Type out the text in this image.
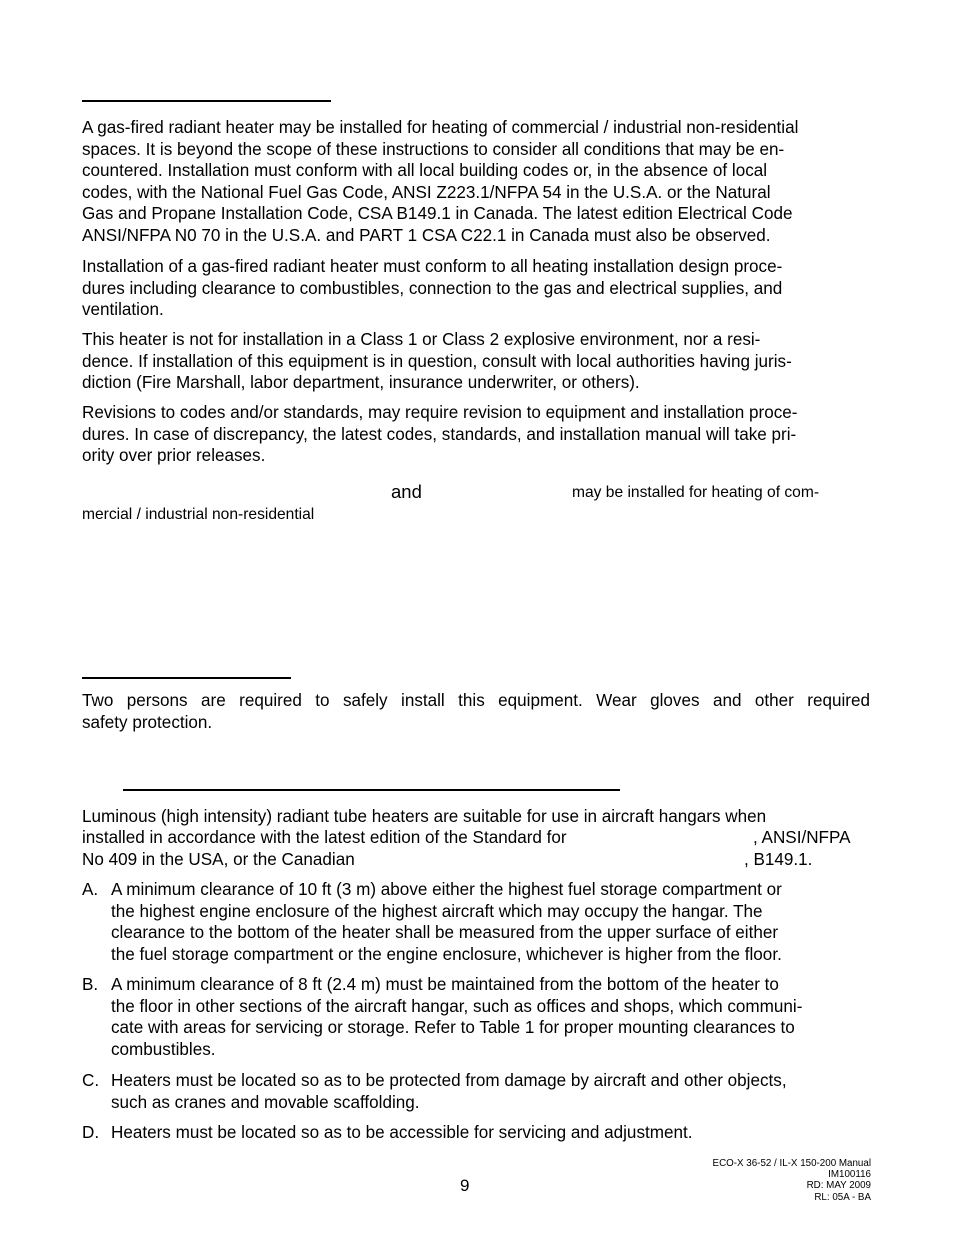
A gas-fired radiant heater may be installed for heating of commercial / industrial non-residential
spaces. It is beyond the scope of these instructions to consider all conditions that may be en-
countered. Installation must conform with all local building codes or, in the absence of local
codes, with the National Fuel Gas Code, ANSI Z223.1/NFPA 54 in the U.S.A. or the Natural
Gas and Propane Installation Code, CSA B149.1 in Canada. The latest edition Electrical Code
ANSI/NFPA N0 70 in the U.S.A. and PART 1 CSA C22.1 in Canada must also be observed.
Installation of a gas-fired radiant heater must conform to all heating installation design proce-
dures including clearance to combustibles, connection to the gas and electrical supplies, and
ventilation.
This heater is not for installation in a Class 1 or Class 2 explosive environment, nor a resi-
dence. If installation of this equipment is in question, consult with local authorities having juris-
diction (Fire Marshall, labor department, insurance underwriter, or others).
Revisions to codes and/or standards, may require revision to equipment and installation proce-
dures. In case of discrepancy, the latest codes, standards, and installation manual will take pri-
ority over prior releases.
and	may be installed for heating of com-
mercial / industrial non-residential
Two persons are required to safely install this equipment. Wear gloves and other required
safety protection.
Luminous (high intensity) radiant tube heaters are suitable for use in aircraft hangars when
installed in accordance with the latest edition of the Standard for	, ANSI/NFPA
No 409 in the USA, or the Canadian	, B149.1.
A. A minimum clearance of 10 ft (3 m) above either the highest fuel storage compartment or
the highest engine enclosure of the highest aircraft which may occupy the hangar. The
clearance to the bottom of the heater shall be measured from the upper surface of either
the fuel storage compartment or the engine enclosure, whichever is higher from the floor.
B. A minimum clearance of 8 ft (2.4 m) must be maintained from the bottom of the heater to
the floor in other sections of the aircraft hangar, such as offices and shops, which communi-
cate with areas for servicing or storage. Refer to Table 1 for proper mounting clearances to
combustibles.
C. Heaters must be located so as to be protected from damage by aircraft and other objects,
such as cranes and movable scaffolding.
D. Heaters must be located so as to be accessible for servicing and adjustment.
9
ECO-X 36-52 / IL-X 150-200 Manual
IM100116
RD: MAY 2009
RL: 05A - BA
